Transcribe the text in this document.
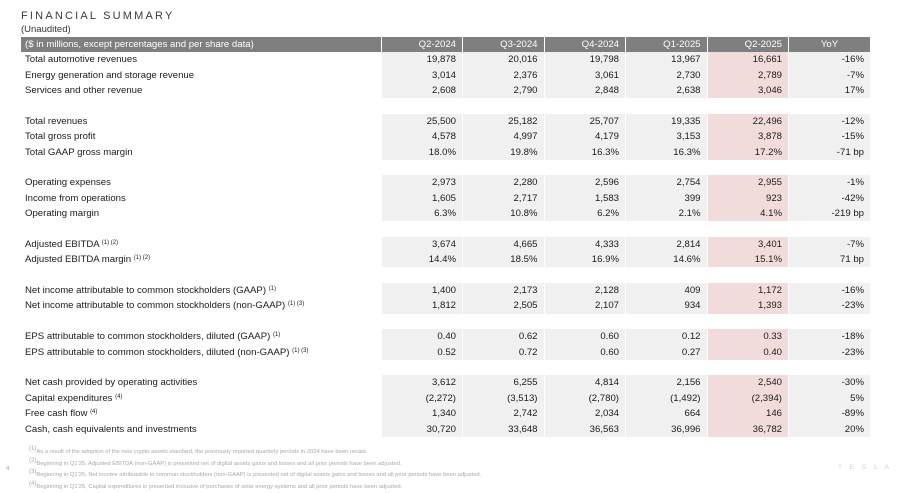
FINANCIAL SUMMARY
(Unaudited)
($ in millions, except percentages and per share data)	Q2-2024	Q3-2024	Q4-2024	Q1-2025	Q2-2025	YoY
Total automotive revenues	19,878	20,016	19,798	13,967	16,661	-16%
Energy generation and storage revenue	3,014	2,376	3,061	2,730	2,789	-7%
Services and other revenue	2,608	2,790	2,848	2,638	3,046	17%

Total revenues	25,500	25,182	25,707	19,335	22,496	-12%
Total gross profit	4,578	4,997	4,179	3,153	3,878	-15%
Total GAAP gross margin	18.0%	19.8%	16.3%	16.3%	17.2%	-71 bp

Operating expenses	2,973	2,280	2,596	2,754	2,955	-1%
Income from operations	1,605	2,717	1,583	399	923	-42%
Operating margin	6.3%	10.8%	6.2%	2.1%	4.1%	-219 bp

Adjusted EBITDA $^{(1) (2)}$	3,674	4,665	4,333	2,814	3,401	-7%
Adjusted EBITDA margin $^{(1) (2)}$	14.4%	18.5%	16.9%	14.6%	15.1%	71 bp

Net income attributable to common stockholders (GAAP) $^{(1)}$	1,400	2,173	2,128	409	1,172	-16%
Net income attributable to common stockholders (non-GAAP) $^{(1) (3)}$	1,812	2,505	2,107	934	1,393	-23%

EPS attributable to common stockholders, diluted (GAAP) $^{(1)}$	0.40	0.62	0.60	0.12	0.33	-18%
EPS attributable to common stockholders, diluted (non-GAAP) $^{(1) (3)}$	0.52	0.72	0.60	0.27	0.40	-23%

Net cash provided by operating activities	3,612	6,255	4,814	2,156	2,540	-30%
Capital expenditures $^{(4)}$	(2,272)	(3,513)	(2,780)	(1,492)	(2,394)	5%
Free cash flow $^{(4)}$	1,340	2,742	2,034	664	146	-89%
Cash, cash equivalents and investments	30,720	33,648	36,563	36,996	36,782	20%
$^{(1)}$As a result of the adoption of the new crypto assets standard, the previously reported quarterly periods in 2024 have been recast.
$^{(2)}$Beginning in Q1'25, Adjusted EBITDA (non-GAAP) is presented net of digital assets gains and losses and all prior periods have been adjusted.
$^{(3)}$Beginning in Q1'25, Net income attributable to common stockholders (non-GAAP) is presented net of digital assets gains and losses and all prior periods have been adjusted.
$^{(4)}$Beginning in Q1'25, Capital expenditures is presented inclusive of purchases of solar energy systems and all prior periods have been adjusted.
4	T E S L A
